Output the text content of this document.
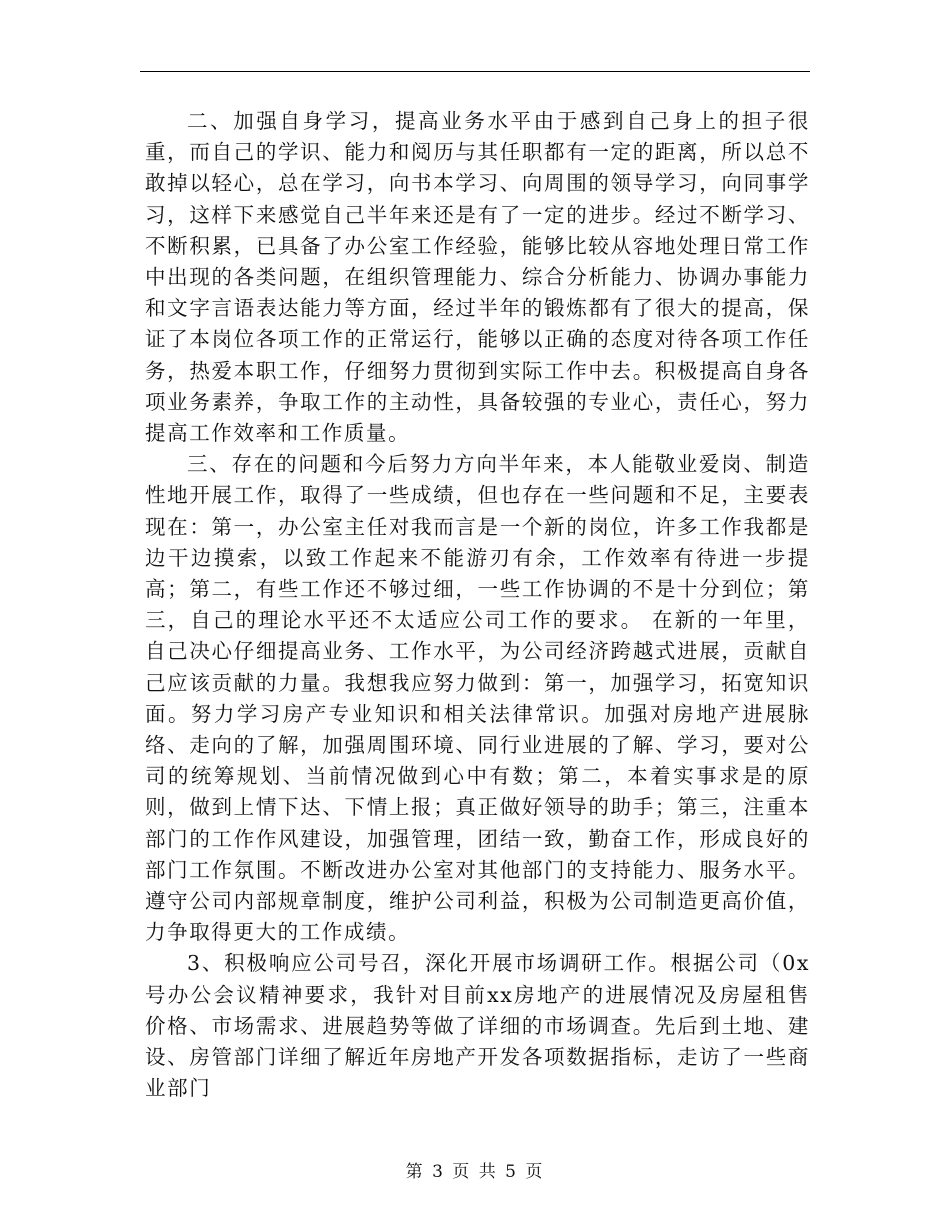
二、加强自身学习，提高业务水平由于感到自己身上的担子很重，而自己的学识、能力和阅历与其任职都有一定的距离，所以总不敢掉以轻心，总在学习，向书本学习、向周围的领导学习，向同事学习，这样下来感觉自己半年来还是有了一定的进步。经过不断学习、不断积累，已具备了办公室工作经验，能够比较从容地处理日常工作中出现的各类问题，在组织管理能力、综合分析能力、协调办事能力和文字言语表达能力等方面，经过半年的锻炼都有了很大的提高，保证了本岗位各项工作的正常运行，能够以正确的态度对待各项工作任务，热爱本职工作，仔细努力贯彻到实际工作中去。积极提高自身各项业务素养，争取工作的主动性，具备较强的专业心，责任心，努力提高工作效率和工作质量。

三、存在的问题和今后努力方向半年来，本人能敬业爱岗、制造性地开展工作，取得了一些成绩，但也存在一些问题和不足，主要表现在：第一，办公室主任对我而言是一个新的岗位，许多工作我都是边干边摸索，以致工作起来不能游刃有余，工作效率有待进一步提高；第二，有些工作还不够过细，一些工作协调的不是十分到位；第三，自己的理论水平还不太适应公司工作的要求。 在新的一年里，自己决心仔细提高业务、工作水平，为公司经济跨越式进展，贡献自己应该贡献的力量。我想我应努力做到：第一，加强学习，拓宽知识面。努力学习房产专业知识和相关法律常识。加强对房地产进展脉络、走向的了解，加强周围环境、同行业进展的了解、学习，要对公司的统筹规划、当前情况做到心中有数；第二，本着实事求是的原则，做到上情下达、下情上报；真正做好领导的助手；第三，注重本部门的工作作风建设，加强管理，团结一致，勤奋工作，形成良好的部门工作氛围。不断改进办公室对其他部门的支持能力、服务水平。遵守公司内部规章制度，维护公司利益，积极为公司制造更高价值，力争取得更大的工作成绩。

3、积极响应公司号召，深化开展市场调研工作。根据公司（0x号办公会议精神要求，我针对目前xx房地产的进展情况及房屋租售价格、市场需求、进展趋势等做了详细的市场调查。先后到土地、建设、房管部门详细了解近年房地产开发各项数据指标，走访了一些商业部门

第 3 页 共 5 页
